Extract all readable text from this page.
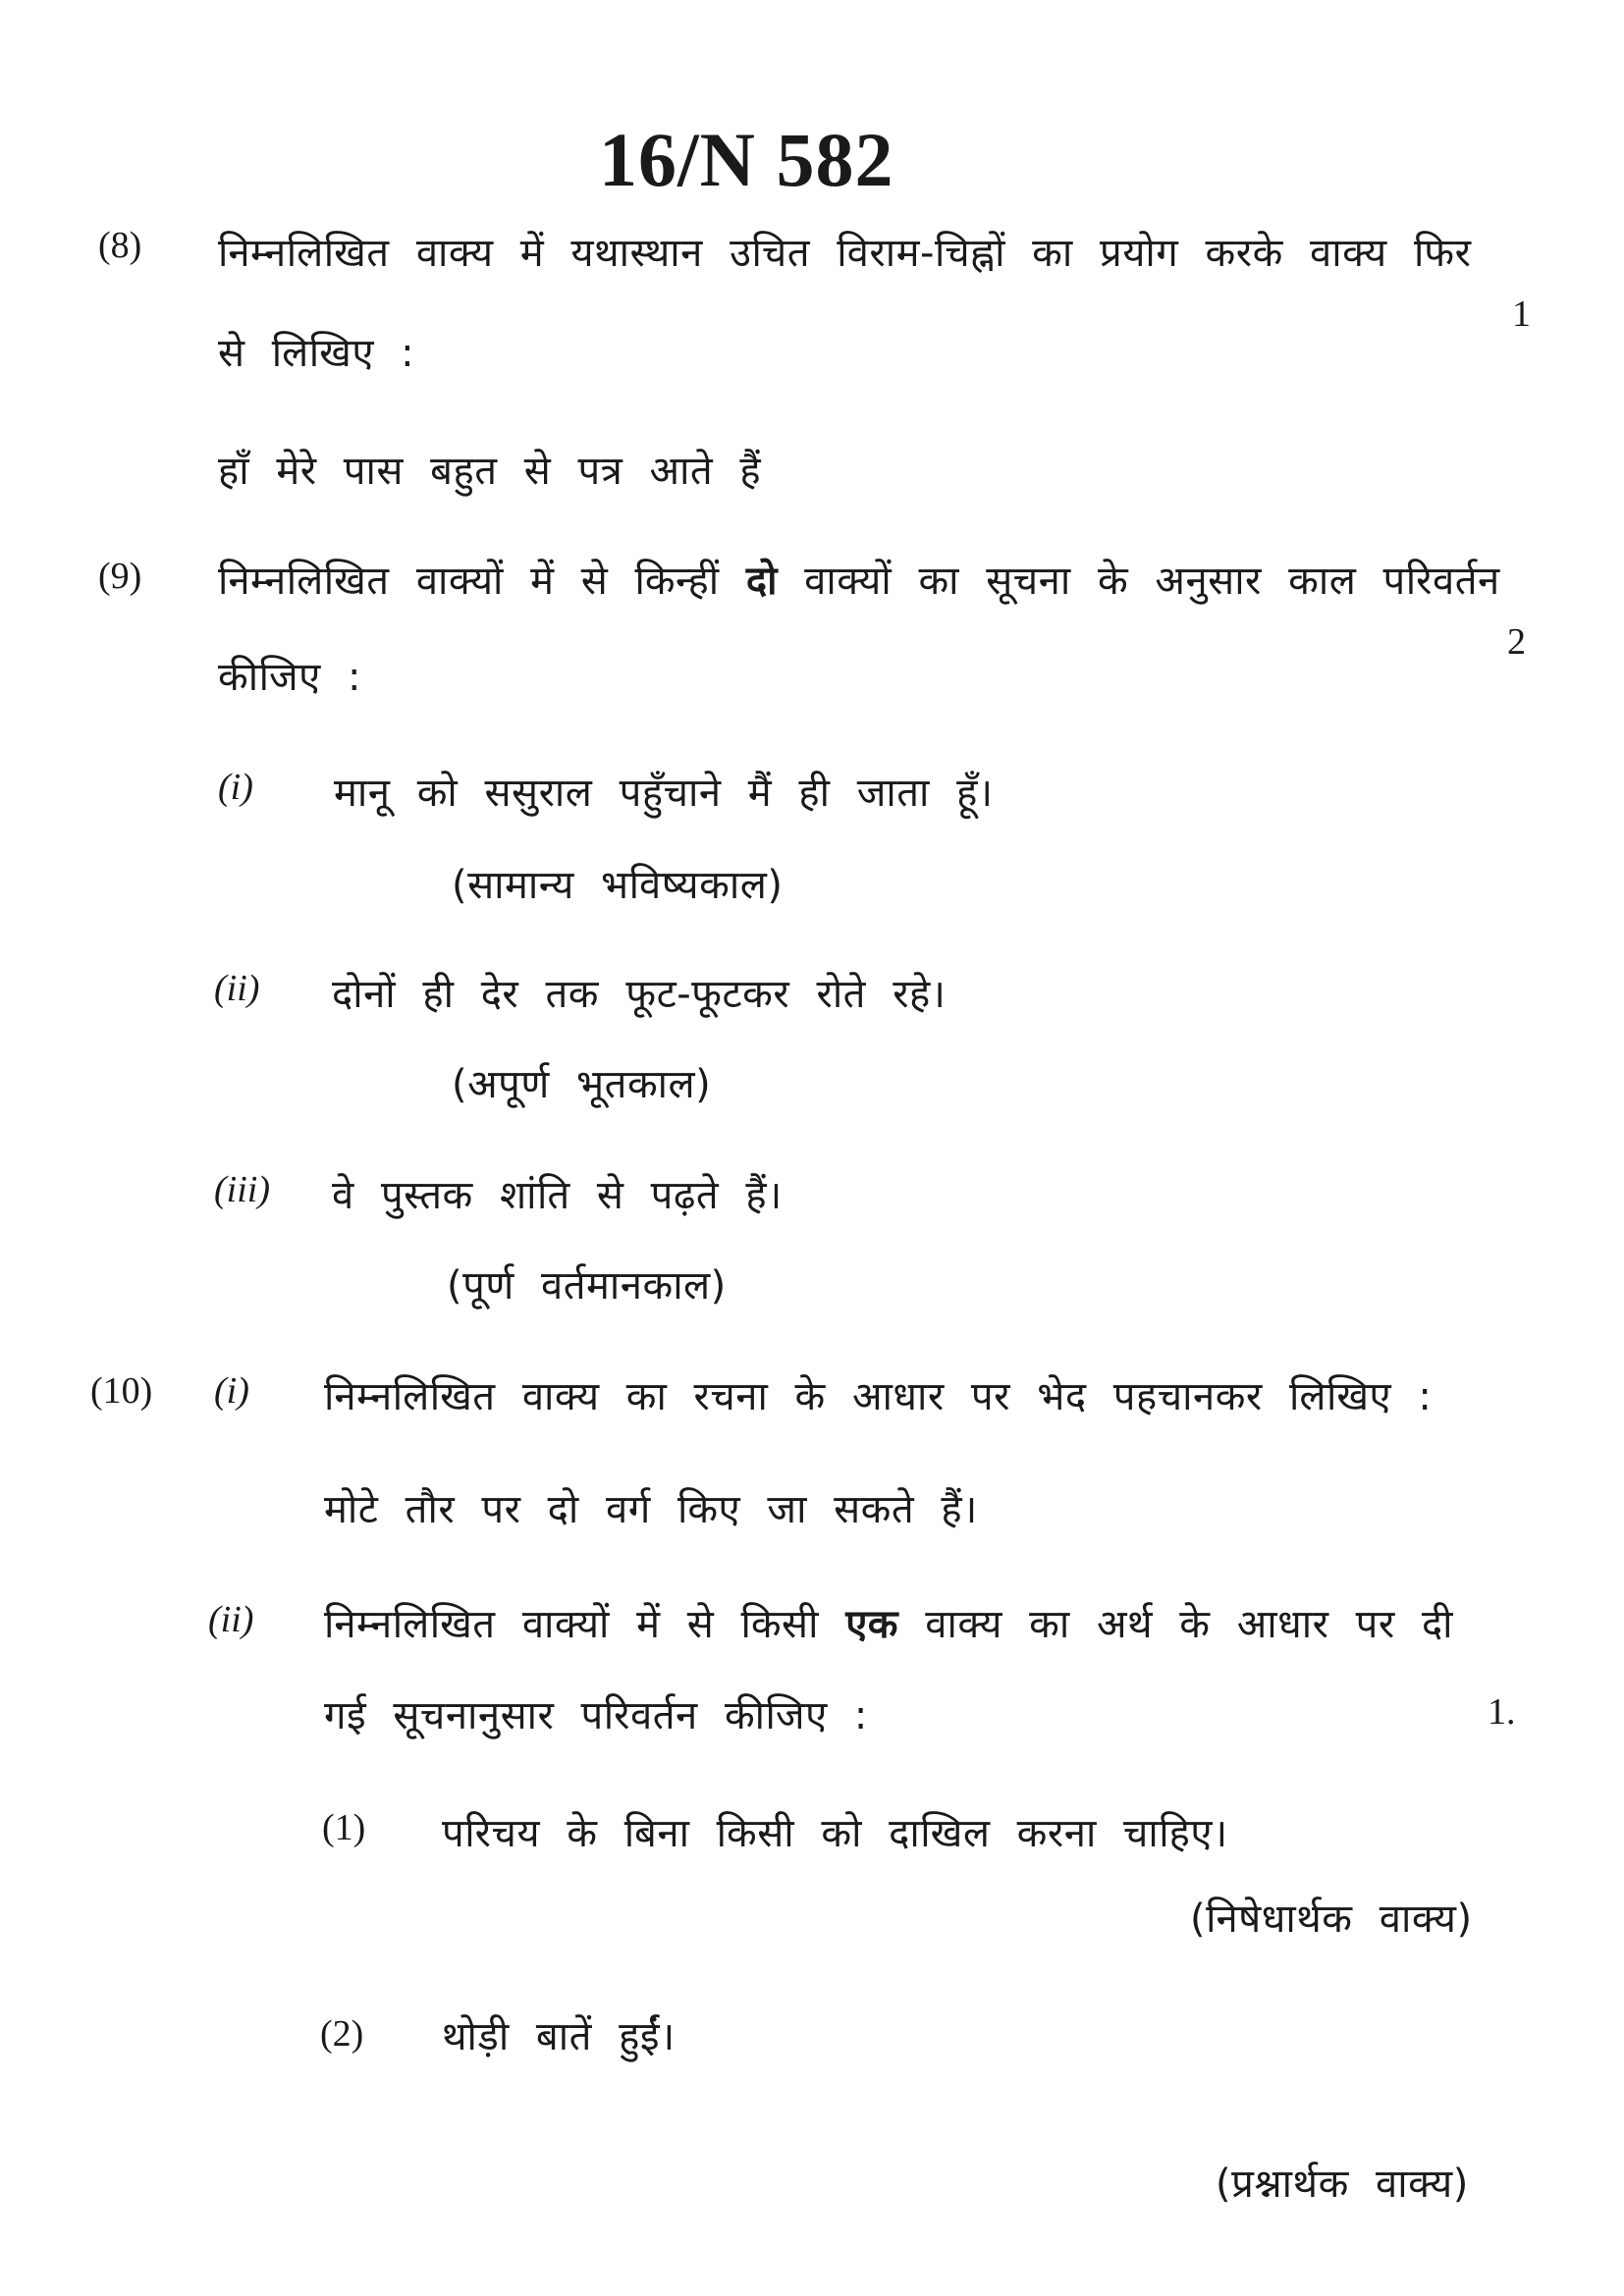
16/N 582
(8) निम्नलिखित वाक्य में यथास्थान उचित विराम-चिह्नों का प्रयोग करके वाक्य फिर
से लिखिए :
1
हाँ मेरे पास बहुत से पत्र आते हैं
(9) निम्नलिखित वाक्यों में से किन्हीं दो वाक्यों का सूचना के अनुसार काल परिवर्तन
कीजिए :
2
(i) मानू को ससुराल पहुँचाने मैं ही जाता हूँ।
(सामान्य भविष्यकाल)
(ii) दोनों ही देर तक फूट-फूटकर रोते रहे।
(अपूर्ण भूतकाल)
(iii) वे पुस्तक शांति से पढ़ते हैं।
(पूर्ण वर्तमानकाल)
(10) (i) निम्नलिखित वाक्य का रचना के आधार पर भेद पहचानकर लिखिए :
मोटे तौर पर दो वर्ग किए जा सकते हैं।
(ii) निम्नलिखित वाक्यों में से किसी एक वाक्य का अर्थ के आधार पर दी
गई सूचनानुसार परिवर्तन कीजिए :	1.
(1) परिचय के बिना किसी को दाखिल करना चाहिए।
(निषेधार्थक वाक्य)
(2) थोड़ी बातें हुईं।
(प्रश्नार्थक वाक्य)
